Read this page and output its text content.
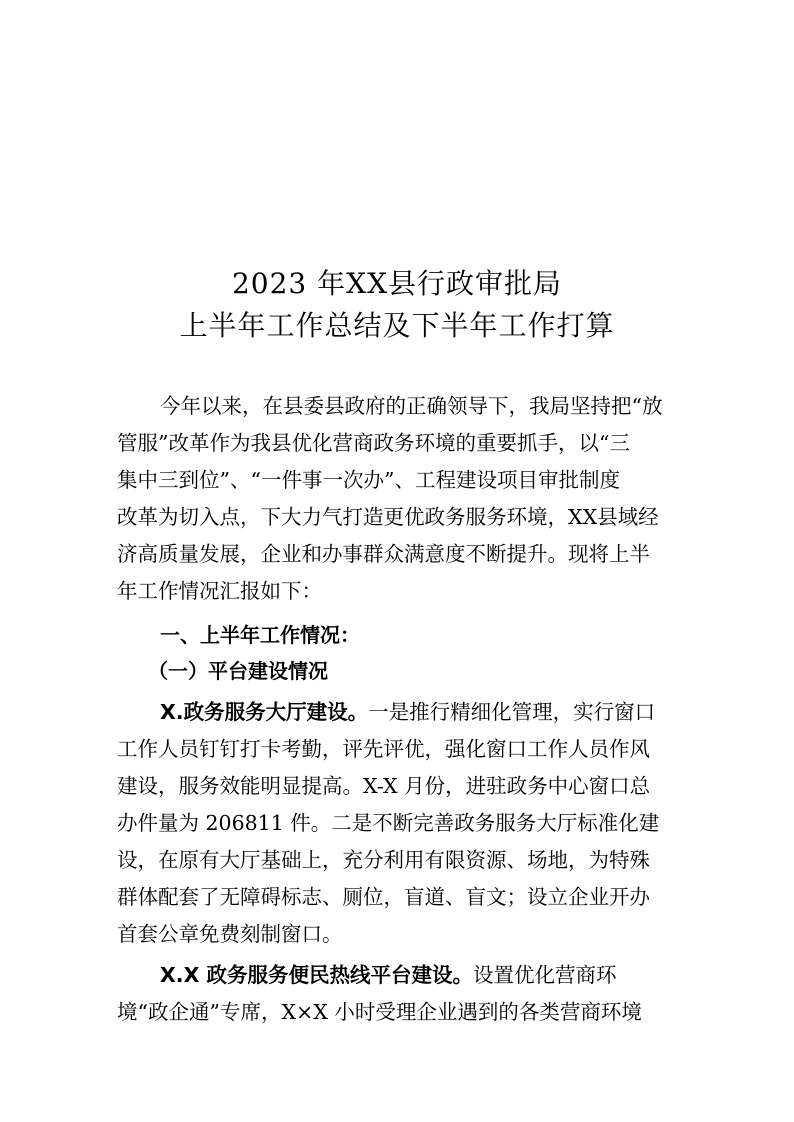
2023 年XX县行政审批局
上半年工作总结及下半年工作打算
今年以来，在县委县政府的正确领导下，我局坚持把“放
管服”改革作为我县优化营商政务环境的重要抓手，以“三
集中三到位”、“一件事一次办”、工程建设项目审批制度
改革为切入点，下大力气打造更优政务服务环境，XX县域经
济高质量发展，企业和办事群众满意度不断提升。现将上半
年工作情况汇报如下：
一、上半年工作情况：
（一）平台建设情况
X.政务服务大厅建设。一是推行精细化管理，实行窗口
工作人员钉钉打卡考勤，评先评优，强化窗口工作人员作风
建设，服务效能明显提高。X-X 月份，进驻政务中心窗口总
办件量为 206811 件。二是不断完善政务服务大厅标准化建
设，在原有大厅基础上，充分利用有限资源、场地，为特殊
群体配套了无障碍标志、厕位，盲道、盲文；设立企业开办
首套公章免费刻制窗口。
X.X 政务服务便民热线平台建设。设置优化营商环
境“政企通”专席，X×X 小时受理企业遇到的各类营商环境
